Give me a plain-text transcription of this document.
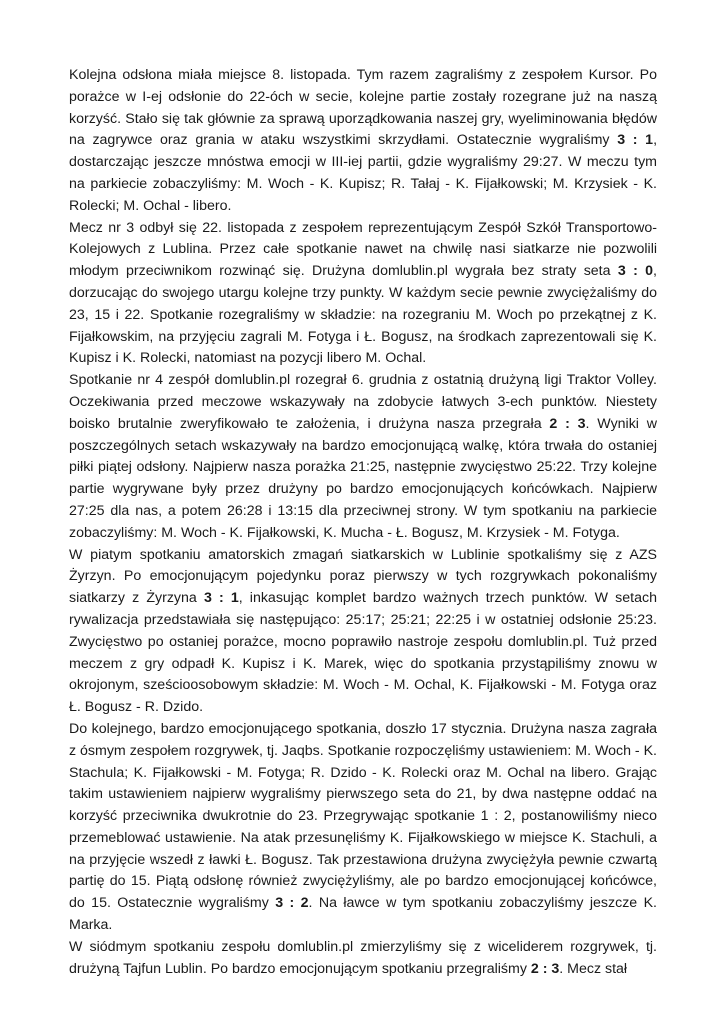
Kolejna odsłona miała miejsce 8. listopada. Tym razem zagraliśmy z zespołem Kursor. Po porażce w I-ej odsłonie do 22-óch w secie, kolejne partie zostały rozegrane już na naszą korzyść. Stało się tak głównie za sprawą uporządkowania naszej gry, wyeliminowania błędów na zagrywce oraz grania w ataku wszystkimi skrzydłami. Ostatecznie wygraliśmy 3 : 1, dostarczając jeszcze mnóstwa emocji w III-iej partii, gdzie wygraliśmy 29:27. W meczu tym na parkiecie zobaczyliśmy: M. Woch - K. Kupisz; R. Tałaj - K. Fijałkowski; M. Krzysiek - K. Rolecki; M. Ochal - libero.

Mecz nr 3 odbył się 22. listopada z zespołem reprezentującym Zespół Szkół Transportowo-Kolejowych z Lublina. Przez całe spotkanie nawet na chwilę nasi siatkarze nie pozwolili młodym przeciwnikom rozwinąć się. Drużyna domlublin.pl wygrała bez straty seta 3 : 0, dorzucając do swojego utargu kolejne trzy punkty. W każdym secie pewnie zwyciężaliśmy do 23, 15 i 22. Spotkanie rozegraliśmy w składzie: na rozegraniu M. Woch po przekątnej z K. Fijałkowskim, na przyjęciu zagrali M. Fotyga i Ł. Bogusz, na środkach zaprezentowali się K. Kupisz i K. Rolecki, natomiast na pozycji libero M. Ochal.

Spotkanie nr 4 zespół domlublin.pl rozegrał 6. grudnia z ostatnią drużyną ligi Traktor Volley. Oczekiwania przed meczowe wskazywały na zdobycie łatwych 3-ech punktów. Niestety boisko brutalnie zweryfikowało te założenia, i drużyna nasza przegrała 2 : 3. Wyniki w poszczególnych setach wskazywały na bardzo emocjonującą walkę, która trwała do ostaniej piłki piątej odsłony. Najpierw nasza porażka 21:25, następnie zwycięstwo 25:22. Trzy kolejne partie wygrywane były przez drużyny po bardzo emocjonujących końcówkach. Najpierw 27:25 dla nas, a potem 26:28 i 13:15 dla przeciwnej strony. W tym spotkaniu na parkiecie zobaczyliśmy: M. Woch - K. Fijałkowski, K. Mucha - Ł. Bogusz, M. Krzysiek - M. Fotyga.

W piatym spotkaniu amatorskich zmagań siatkarskich w Lublinie spotkaliśmy się z AZS Żyrzyn. Po emocjonującym pojedynku poraz pierwszy w tych rozgrywkach pokonaliśmy siatkarzy z Żyrzyna 3 : 1, inkasując komplet bardzo ważnych trzech punktów. W setach rywalizacja przedstawiała się następująco: 25:17; 25:21; 22:25 i w ostatniej odsłonie 25:23. Zwycięstwo po ostaniej porażce, mocno poprawiło nastroje zespołu domlublin.pl. Tuż przed meczem z gry odpadł K. Kupisz i K. Marek, więc do spotkania przystąpiliśmy znowu w okrojonym, sześcioosobowym składzie: M. Woch - M. Ochal, K. Fijałkowski - M. Fotyga oraz Ł. Bogusz - R. Dzido.

Do kolejnego, bardzo emocjonującego spotkania, doszło 17 stycznia. Drużyna nasza zagrała z ósmym zespołem rozgrywek, tj. Jaqbs. Spotkanie rozpoczęliśmy ustawieniem: M. Woch - K. Stachula; K. Fijałkowski - M. Fotyga; R. Dzido - K. Rolecki oraz M. Ochal na libero. Grając takim ustawieniem najpierw wygraliśmy pierwszego seta do 21, by dwa następne oddać na korzyść przeciwnika dwukrotnie do 23. Przegrywając spotkanie 1 : 2, postanowiliśmy nieco przemeblować ustawienie. Na atak przesunęliśmy K. Fijałkowskiego w miejsce K. Stachuli, a na przyjęcie wszedł z ławki Ł. Bogusz. Tak przestawiona drużyna zwyciężyła pewnie czwartą partię do 15. Piątą odsłonę również zwyciężyliśmy, ale po bardzo emocjonującej końcówce, do 15. Ostatecznie wygraliśmy 3 : 2. Na ławce w tym spotkaniu zobaczyliśmy jeszcze K. Marka.

W siódmym spotkaniu zespołu domlublin.pl zmierzyliśmy się z wiceliderem rozgrywek, tj. drużyną Tajfun Lublin. Po bardzo emocjonującym spotkaniu przegraliśmy 2 : 3. Mecz stał
